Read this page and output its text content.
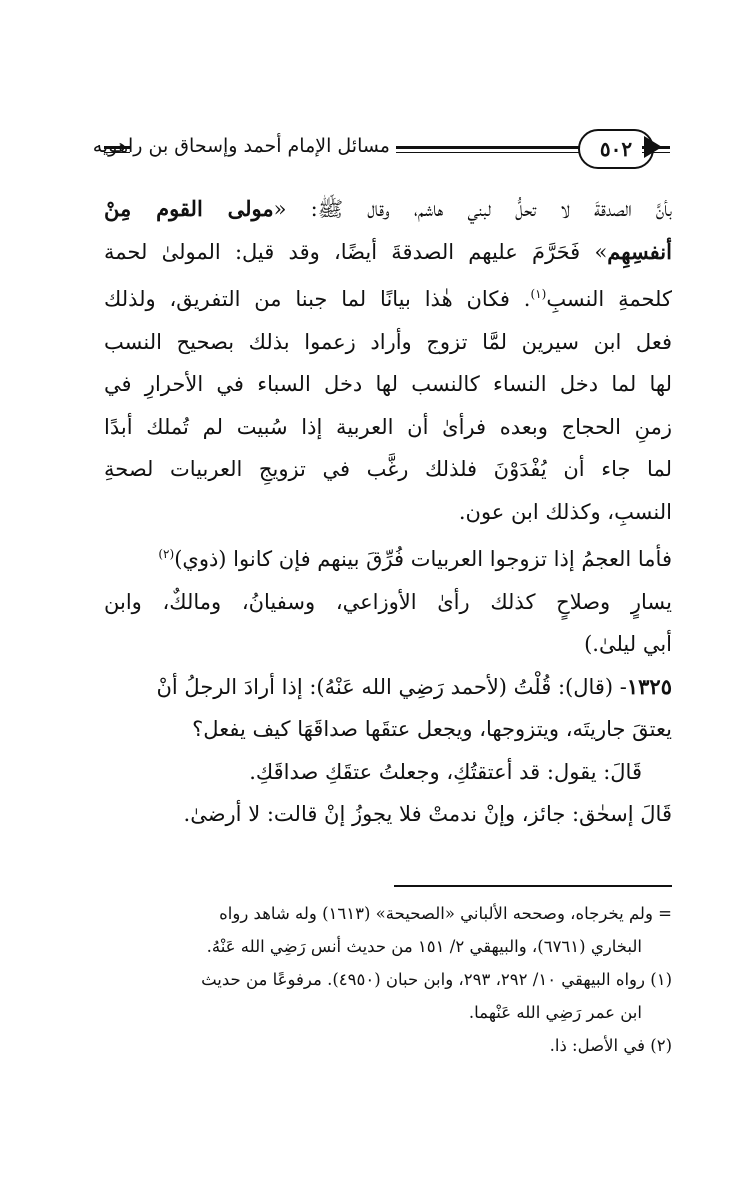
مسائل الإمام أحمد وإسحاق بن راهويه	٥٠٢
بأنَّ الصدقةَ لا تحلُّ لبني هاشم، وقال ﷺ: «مولى القوم مِنْ
أنفسِهِم» فَحَرَّمَ عليهم الصدقةَ أيضًا، وقد قيل: المولىٰ لحمة
كلحمةِ النسبِ$^{(١)}$. فكان هٰذا بيانًا لما جبنا من التفريق، ولذلك
فعل ابن سيرين لمَّا تزوج وأراد زعموا بذلك بصحيح النسب
لها لما دخل النساء كالنسب لها دخل السباء في الأحرارِ في
زمنِ الحجاج وبعده فرأىٰ أن العربية إذا سُبيت لم تُملك أبدًا
لما جاء أن يُفْدَوْنَ فلذلك رغَّب في تزويجِ العربيات لصحةِ
النسبِ، وكذلك ابن عون.
فأما العجمُ إذا تزوجوا العربيات فُرِّقَ بينهم فإن كانوا (ذوي)$^{(٢)}$
يسارٍ وصلاحٍ كذلك رأىٰ الأوزاعي، وسفيانُ، ومالكٌ، وابن
أبي ليلىٰ.)
١٣٢٥- (قال): قُلْتُ (لأحمد رَضِي الله عَنْهُ): إذا أرادَ الرجلُ أنْ
يعتقَ جاريتَه، ويتزوجها، ويجعل عتقَها صداقَهَا كيف يفعل؟
قَالَ: يقول: قد أعتقتُكِ، وجعلتُ عتقَكِ صداقَكِ.
قَالَ إسحٰق: جائز، وإنْ ندمتْ فلا يجوزُ إنْ قالت: لا أرضىٰ.
= ولم يخرجاه، وصححه الألباني «الصحيحة» (١٦١٣) وله شاهد رواه
البخاري (٦٧٦١)، والبيهقي ٢/ ١٥١ من حديث أنس رَضِي الله عَنْهُ.
(١) رواه البيهقي ١٠/ ٢٩٢، ٢٩٣، وابن حبان (٤٩٥٠). مرفوعًا من حديث
ابن عمر رَضِي الله عَنْهما.
(٢) في الأصل: ذا.
